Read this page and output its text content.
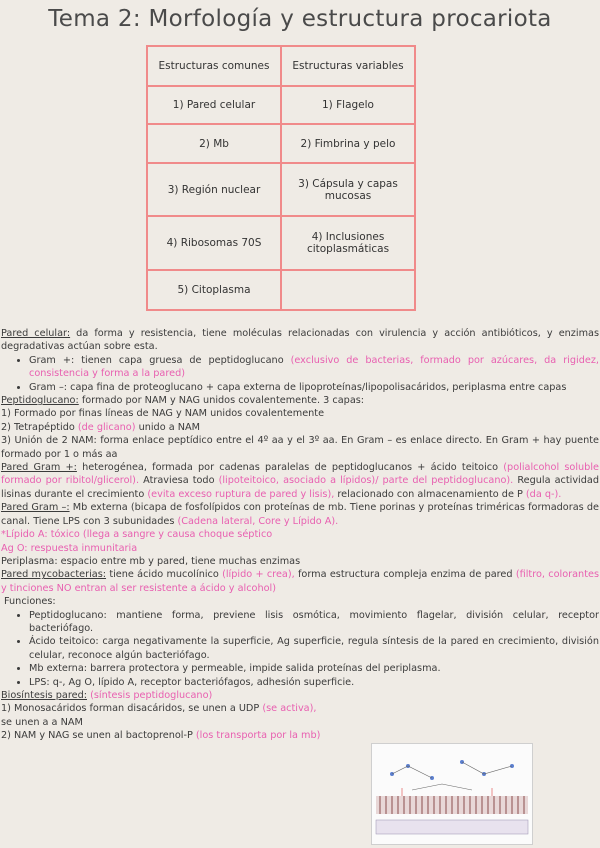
Tema 2: Morfología y estructura procariota
Estructuras comunes	Estructuras variables
1) Pared celular	1) Flagelo
2) Mb	2) Fimbrina y pelo
3) Región nuclear	3) Cápsula y capas mucosas
4) Ribosomas 70S	4) Inclusiones citoplasmáticas
5) Citoplasma	

Pared celular: da forma y resistencia, tiene moléculas relacionadas con virulencia y acción antibióticos, y enzimas degradativas actúan sobre esta.

• Gram +: tienen capa gruesa de peptidoglucano (exclusivo de bacterias, formado por azúcares, da rigidez, consistencia y forma a la pared)
• Gram –: capa fina de proteoglucano + capa externa de lipoproteínas/lipopolisacáridos, periplasma entre capas

Peptidoglucano: formado por NAM y NAG unidos covalentemente. 3 capas:

1) Formado por finas líneas de NAG y NAM unidos covalentemente

2) Tetrapéptido (de glicano) unido a NAM

3) Unión de 2 NAM: forma enlace peptídico entre el 4º aa y el 3º aa. En Gram – es enlace directo. En Gram + hay puente formado por 1 o más aa

Pared Gram +: heterogénea, formada por cadenas paralelas de peptidoglucanos + ácido teitoico (polialcohol soluble formado por ribitol/glicerol). Atraviesa todo (lipoteitoico, asociado a lípidos)/ parte del peptidoglucano). Regula actividad lisinas durante el crecimiento (evita exceso ruptura de pared y lisis), relacionado con almacenamiento de P (da q-).

Pared Gram –: Mb externa (bicapa de fosfolípidos con proteínas de mb. Tiene porinas y proteínas triméricas formadoras de canal. Tiene LPS con 3 subunidades (Cadena lateral, Core y Lípido A).

*Lípido A: tóxico (llega a sangre y causa choque séptico

Ag O: respuesta inmunitaria

Periplasma: espacio entre mb y pared, tiene muchas enzimas

Pared mycobacterias: tiene ácido mucolínico (lípido + crea), forma estructura compleja enzima de pared (filtro, colorantes y tinciones NO entran al ser resistente a ácido y alcohol)

Funciones:

• Peptidoglucano: mantiene forma, previene lisis osmótica, movimiento flagelar, división celular, receptor bacteriófago.
• Ácido teitoico: carga negativamente la superficie, Ag superficie, regula síntesis de la pared en crecimiento, división celular, reconoce algún bacteriófago.
• Mb externa: barrera protectora y permeable, impide salida proteínas del periplasma.
• LPS: q-, Ag O, lípido A, receptor bacteriófagos, adhesión superficie.

Biosíntesis pared: (síntesis peptidoglucano)

1) Monosacáridos forman disacáridos, se unen a UDP (se activa),
se unen a a NAM

2) NAM y NAG se unen al bactoprenol-P (los transporta por la mb)
